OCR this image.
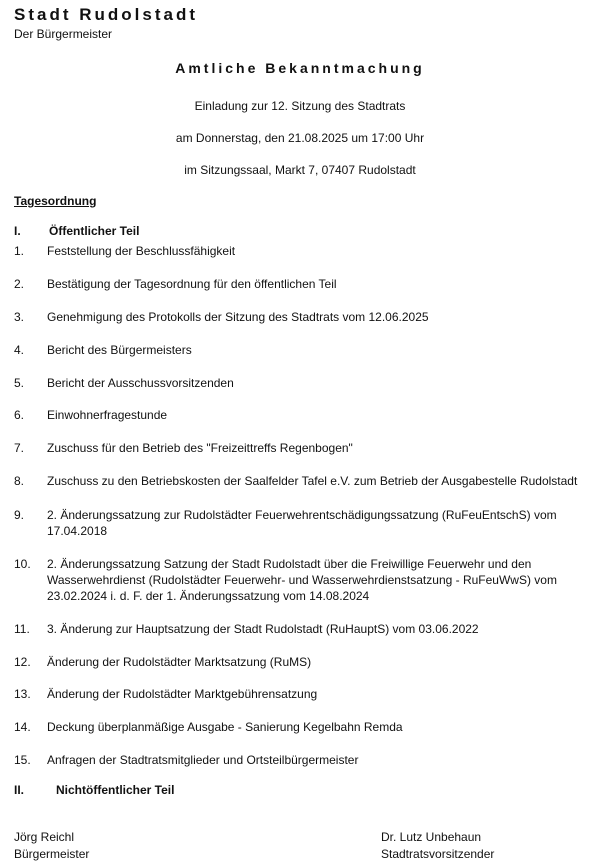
Stadt Rudolstadt
Der Bürgermeister
Amtliche Bekanntmachung
Einladung zur 12. Sitzung des Stadtrats
am Donnerstag, den 21.08.2025 um 17:00 Uhr
im Sitzungssaal, Markt 7, 07407 Rudolstadt
Tagesordnung
I. Öffentlicher Teil
1. Feststellung der Beschlussfähigkeit
2. Bestätigung der Tagesordnung für den öffentlichen Teil
3. Genehmigung des Protokolls der Sitzung des Stadtrats vom 12.06.2025
4. Bericht des Bürgermeisters
5. Bericht der Ausschussvorsitzenden
6. Einwohnerfragestunde
7. Zuschuss für den Betrieb des "Freizeittreffs Regenbogen"
8. Zuschuss zu den Betriebskosten der Saalfelder Tafel e.V. zum Betrieb der Ausgabestelle Rudolstadt
9. 2. Änderungssatzung zur Rudolstädter Feuerwehrentschädigungssatzung (RuFeuEntschS) vom
17.04.2018
10. 2. Änderungssatzung Satzung der Stadt Rudolstadt über die Freiwillige Feuerwehr und den
Wasserwehrdienst (Rudolstädter Feuerwehr- und Wasserwehrdienstsatzung - RuFeuWwS) vom
23.02.2024 i. d. F. der 1. Änderungssatzung vom 14.08.2024
11. 3. Änderung zur Hauptsatzung der Stadt Rudolstadt (RuHauptS) vom 03.06.2022
12. Änderung der Rudolstädter Marktsatzung (RuMS)
13. Änderung der Rudolstädter Marktgebührensatzung
14. Deckung überplanmäßige Ausgabe - Sanierung Kegelbahn Remda
15. Anfragen der Stadtratsmitglieder und Ortsteilbürgermeister
II.	Nichtöffentlicher Teil
Jörg Reichl
Bürgermeister
Dr. Lutz Unbehaun
Stadtratsvorsitzender
